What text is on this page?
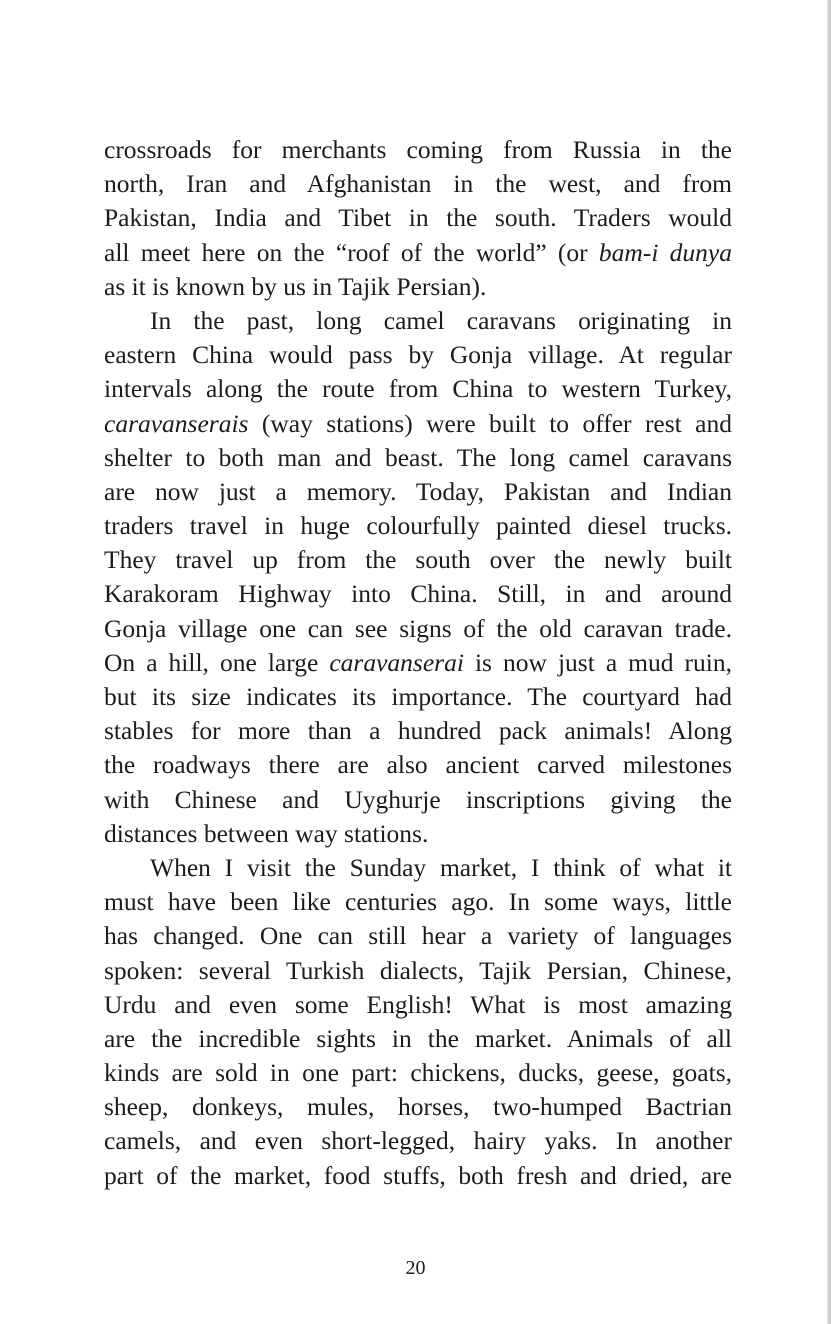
crossroads for merchants coming from Russia in the
north, Iran and Afghanistan in the west, and from
Pakistan, India and Tibet in the south. Traders would
all meet here on the “roof of the world” (or bam-i dunya
as it is known by us in Tajik Persian).
In the past, long camel caravans originating in
eastern China would pass by Gonja village. At regular
intervals along the route from China to western Turkey,
caravanserais (way stations) were built to offer rest and
shelter to both man and beast. The long camel caravans
are now just a memory. Today, Pakistan and Indian
traders travel in huge colourfully painted diesel trucks.
They travel up from the south over the newly built
Karakoram Highway into China. Still, in and around
Gonja village one can see signs of the old caravan trade.
On a hill, one large caravanserai is now just a mud ruin,
but its size indicates its importance. The courtyard had
stables for more than a hundred pack animals! Along
the roadways there are also ancient carved milestones
with Chinese and Uyghurje inscriptions giving the
distances between way stations.
When I visit the Sunday market, I think of what it
must have been like centuries ago. In some ways, little
has changed. One can still hear a variety of languages
spoken: several Turkish dialects, Tajik Persian, Chinese,
Urdu and even some English! What is most amazing
are the incredible sights in the market. Animals of all
kinds are sold in one part: chickens, ducks, geese, goats,
sheep, donkeys, mules, horses, two-humped Bactrian
camels, and even short-legged, hairy yaks. In another
part of the market, food stuffs, both fresh and dried, are
20
